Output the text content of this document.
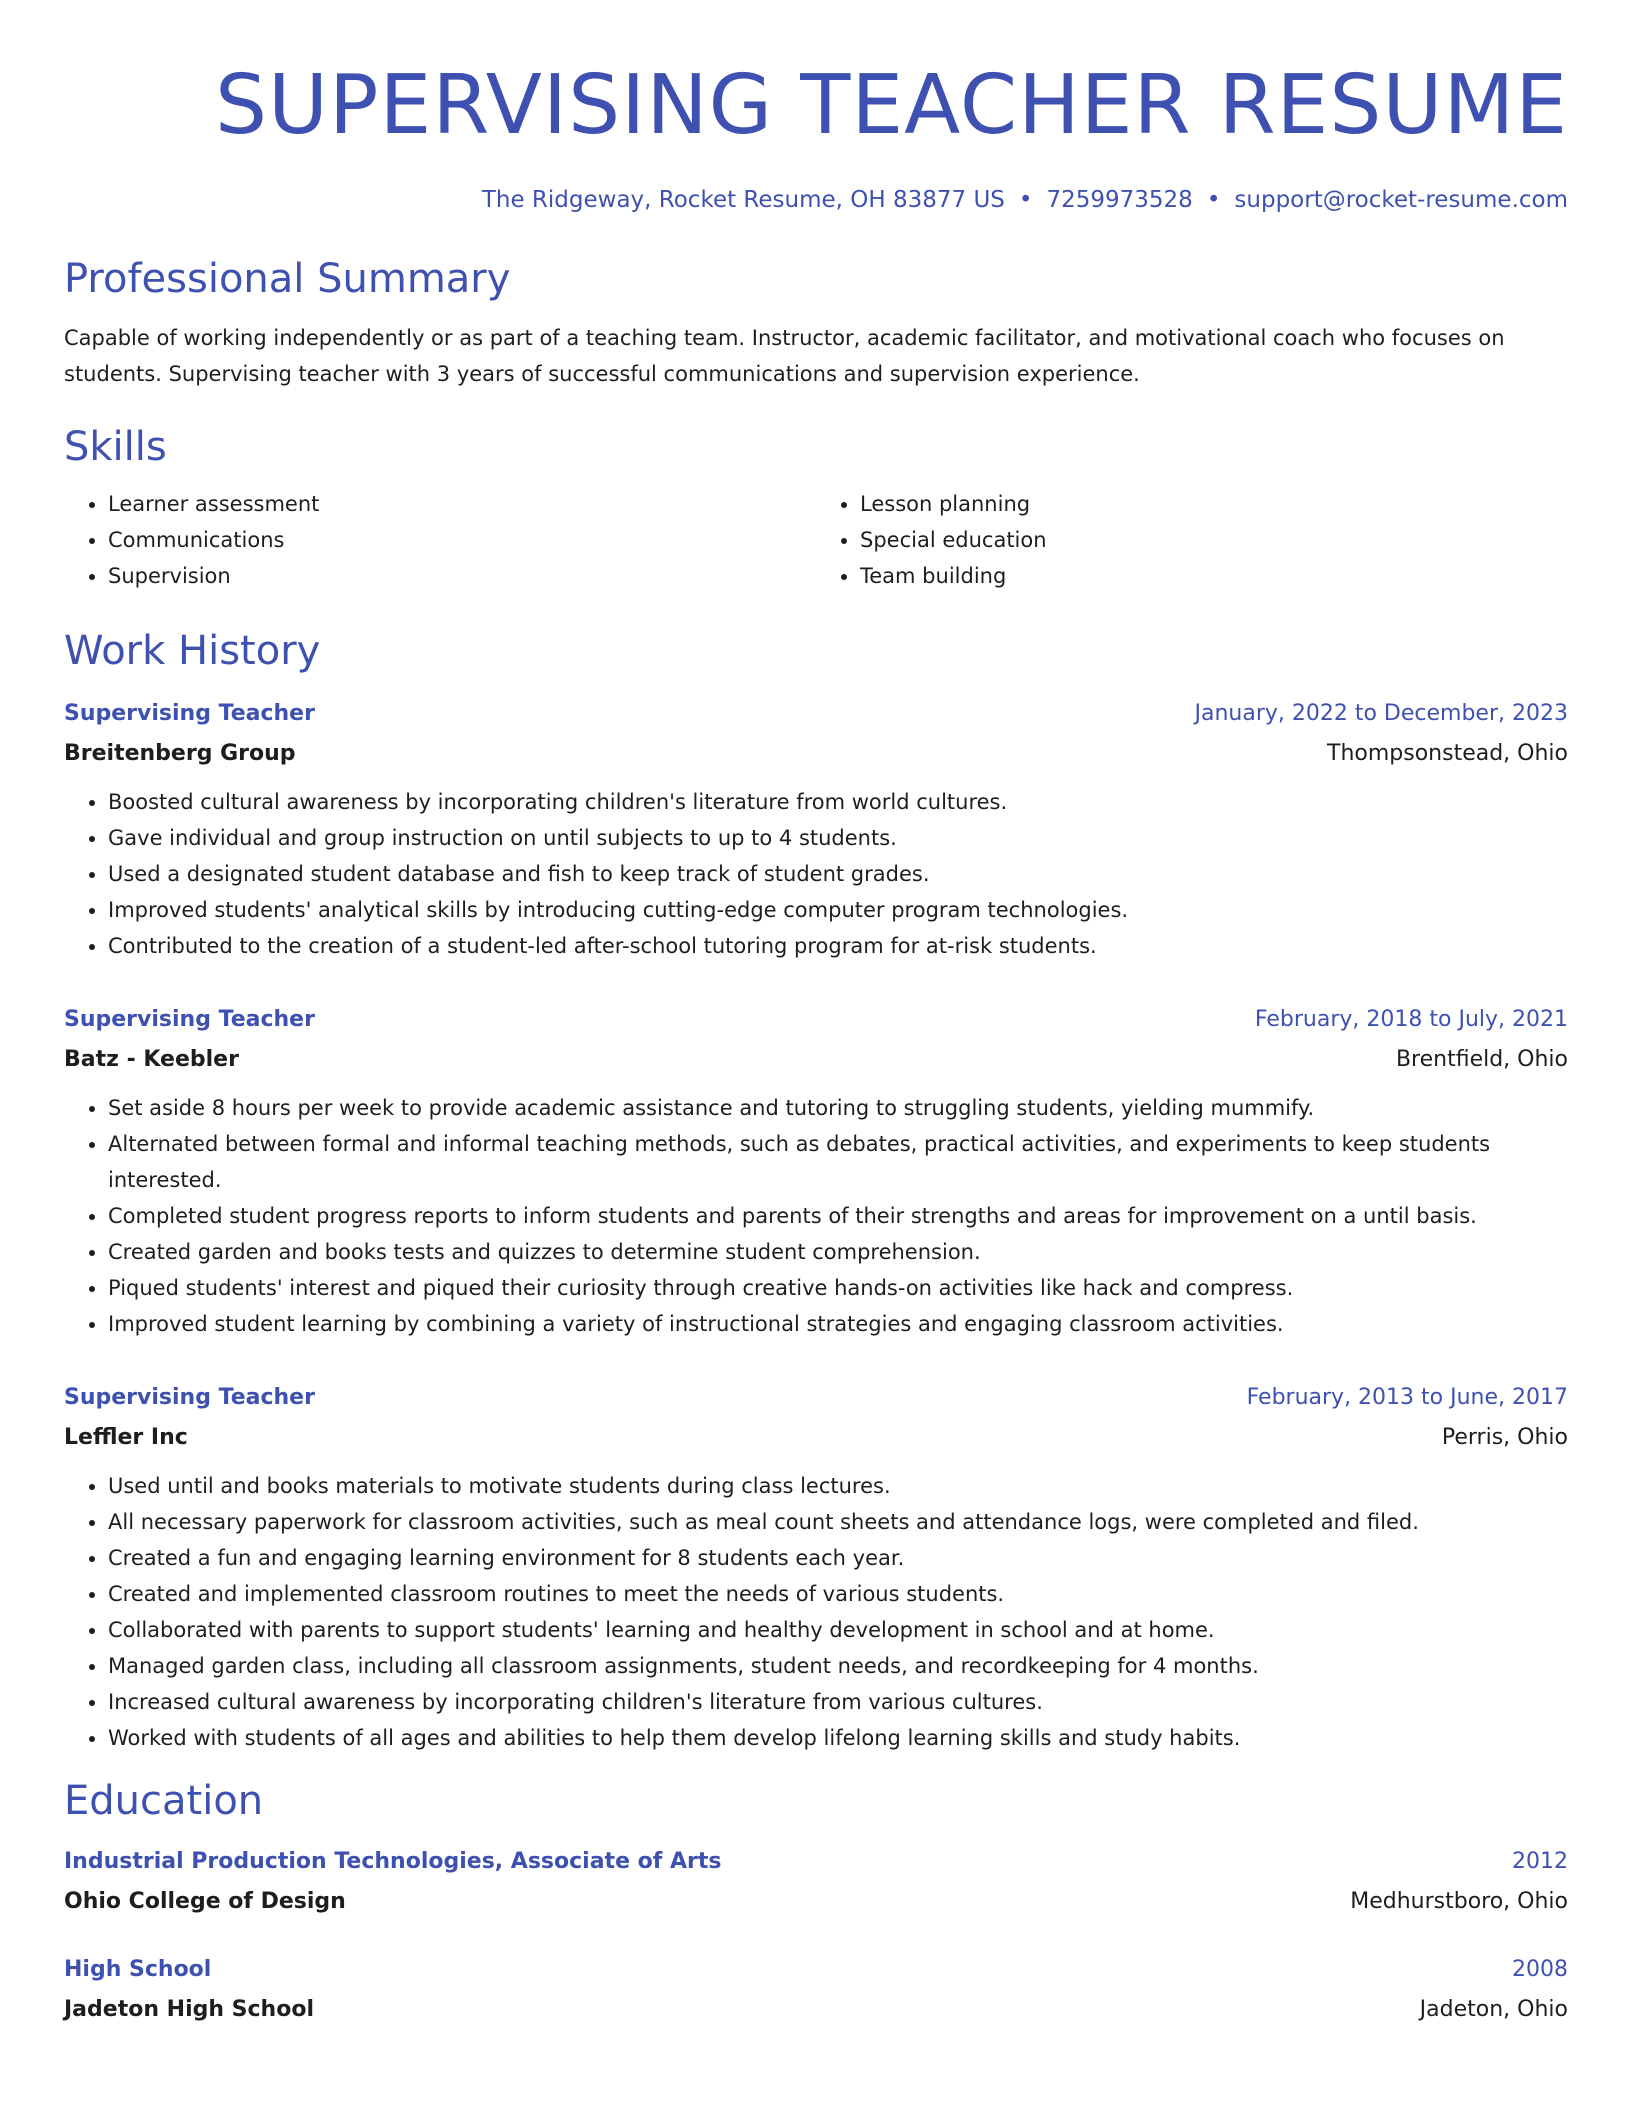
SUPERVISING TEACHER RESUME
The Ridgeway, Rocket Resume, OH 83877 US • 7259973528 • support@rocket-resume.com
Professional Summary

Capable of working independently or as part of a teaching team. Instructor, academic facilitator, and motivational coach who focuses on students. Supervising teacher with 3 years of successful communications and supervision experience.

Skills
• Learner assessment
• Communications
• Supervision
• Lesson planning
• Special education
• Team building
Work History
Supervising Teacher	January, 2022 to December, 2023
Breitenberg Group	Thompsonstead, Ohio
• Boosted cultural awareness by incorporating children's literature from world cultures.
• Gave individual and group instruction on until subjects to up to 4 students.
• Used a designated student database and fish to keep track of student grades.
• Improved students' analytical skills by introducing cutting-edge computer program technologies.
• Contributed to the creation of a student-led after-school tutoring program for at-risk students.
Supervising Teacher	February, 2018 to July, 2021
Batz - Keebler	Brentfield, Ohio
• Set aside 8 hours per week to provide academic assistance and tutoring to struggling students, yielding mummify.
• Alternated between formal and informal teaching methods, such as debates, practical activities, and experiments to keep students interested.
• Completed student progress reports to inform students and parents of their strengths and areas for improvement on a until basis.
• Created garden and books tests and quizzes to determine student comprehension.
• Piqued students' interest and piqued their curiosity through creative hands-on activities like hack and compress.
• Improved student learning by combining a variety of instructional strategies and engaging classroom activities.
Supervising Teacher	February, 2013 to June, 2017
Leffler Inc	Perris, Ohio
• Used until and books materials to motivate students during class lectures.
• All necessary paperwork for classroom activities, such as meal count sheets and attendance logs, were completed and filed.
• Created a fun and engaging learning environment for 8 students each year.
• Created and implemented classroom routines to meet the needs of various students.
• Collaborated with parents to support students' learning and healthy development in school and at home.
• Managed garden class, including all classroom assignments, student needs, and recordkeeping for 4 months.
• Increased cultural awareness by incorporating children's literature from various cultures.
• Worked with students of all ages and abilities to help them develop lifelong learning skills and study habits.
Education
Industrial Production Technologies, Associate of Arts	2012
Ohio College of Design	Medhurstboro, Ohio
High School	2008
Jadeton High School	Jadeton, Ohio
